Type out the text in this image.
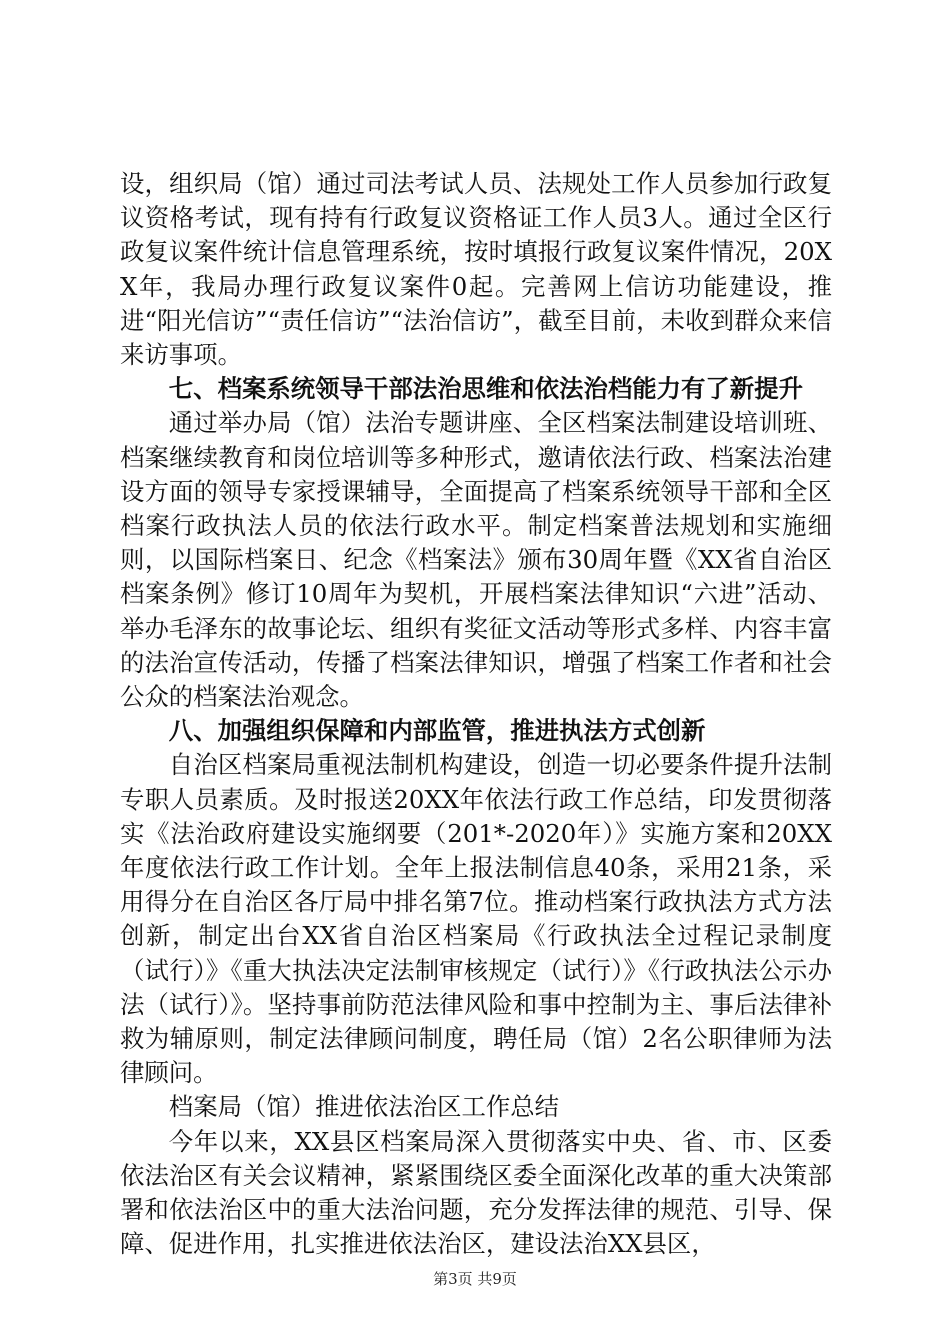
设，组织局（馆）通过司法考试人员、法规处工作人员参加行政复议资格考试，现有持有行政复议资格证工作人员3人。通过全区行政复议案件统计信息管理系统，按时填报行政复议案件情况，20XX年，我局办理行政复议案件0起。完善网上信访功能建设，推进“阳光信访”“责任信访”“法治信访”，截至目前，未收到群众来信来访事项。

七、档案系统领导干部法治思维和依法治档能力有了新提升

通过举办局（馆）法治专题讲座、全区档案法制建设培训班、档案继续教育和岗位培训等多种形式，邀请依法行政、档案法治建设方面的领导专家授课辅导，全面提高了档案系统领导干部和全区档案行政执法人员的依法行政水平。制定档案普法规划和实施细则，以国际档案日、纪念《档案法》颁布30周年暨《XX省自治区档案条例》修订10周年为契机，开展档案法律知识“六进”活动、举办毛泽东的故事论坛、组织有奖征文活动等形式多样、内容丰富的法治宣传活动，传播了档案法律知识，增强了档案工作者和社会公众的档案法治观念。

八、加强组织保障和内部监管，推进执法方式创新

自治区档案局重视法制机构建设，创造一切必要条件提升法制专职人员素质。及时报送20XX年依法行政工作总结，印发贯彻落实《法治政府建设实施纲要（201*-2020年）》实施方案和20XX年度依法行政工作计划。全年上报法制信息40条，采用21条，采用得分在自治区各厅局中排名第7位。推动档案行政执法方式方法创新，制定出台XX省自治区档案局《行政执法全过程记录制度（试行）》《重大执法决定法制审核规定（试行）》《行政执法公示办法（试行）》。坚持事前防范法律风险和事中控制为主、事后法律补救为辅原则，制定法律顾问制度，聘任局（馆）2名公职律师为法律顾问。

档案局（馆）推进依法治区工作总结

今年以来，XX县区档案局深入贯彻落实中央、省、市、区委依法治区有关会议精神，紧紧围绕区委全面深化改革的重大决策部署和依法治区中的重大法治问题，充分发挥法律的规范、引导、保障、促进作用，扎实推进依法治区，建设法治XX县区，

第3页 共9页
